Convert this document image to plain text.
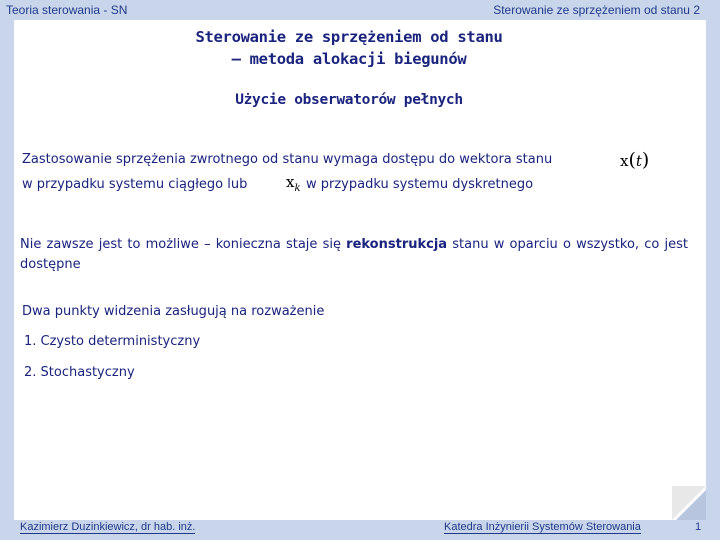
Teoria sterowania - SN	Sterowanie ze sprzężeniem od stanu 2
Sterowanie ze sprzężeniem od stanu
– metoda alokacji biegunów
Użycie obserwatorów pełnych
Zastosowanie sprzężenia zwrotnego od stanu wymaga dostępu do wektora stanu	x(t)
w przypadku systemu ciągłego lub	$x_k$ w przypadku systemu dyskretnego
Nie zawsze jest to możliwe – konieczna staje się rekonstrukcja stanu w oparciu o wszystko, co jest dostępne
Dwa punkty widzenia zasługują na rozważenie
1. Czysto deterministyczny
2. Stochastyczny
Kazimierz Duzinkiewicz, dr hab. inż.	Katedra Inżynierii Systemów Sterowania	1
